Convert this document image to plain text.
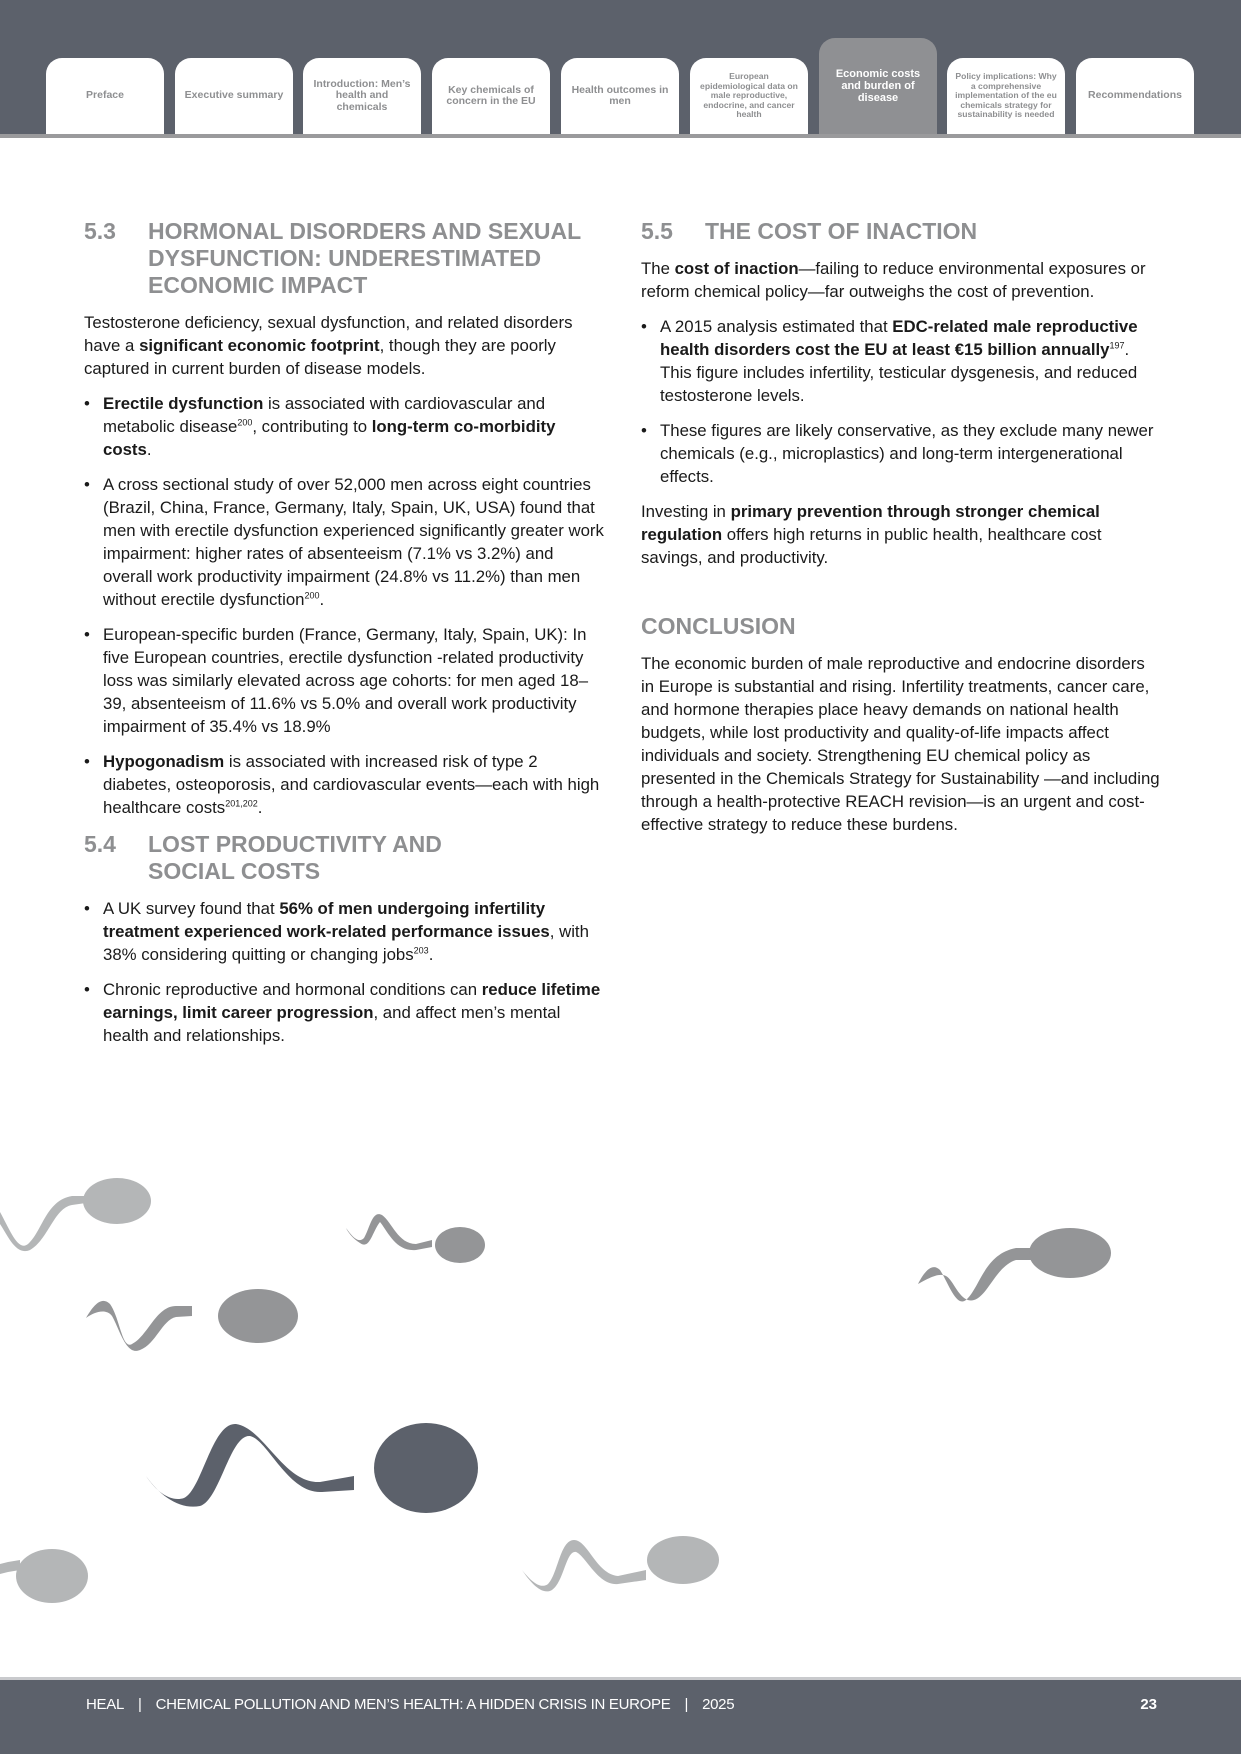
Preface	Executive summary
Introduction: Men’s health and chemicals
Key chemicals of concern in the EU
Health outcomes in men
European epidemiological data on male reproductive, endocrine, and cancer health
Economic costs and burden of disease
Policy implications: Why a comprehensive implementation of the eu chemicals strategy for sustainability is needed
Recommendations
5.3	HORMONAL DISORDERS AND SEXUAL DYSFUNCTION: UNDERESTIMATED ECONOMIC IMPACT

Testosterone deficiency, sexual dysfunction, and related disorders have a significant economic footprint, though they are poorly captured in current burden of disease models.

• Erectile dysfunction is associated with cardiovascular and metabolic disease$^{200}$, contributing to long-term co-morbidity costs.
• A cross sectional study of over 52,000 men across eight countries (Brazil, China, France, Germany, Italy, Spain, UK, USA) found that men with erectile dysfunction experienced significantly greater work impairment: higher rates of absenteeism (7.1% vs 3.2%) and overall work productivity impairment (24.8% vs 11.2%) than men without erectile dysfunction$^{200}$.
• European-specific burden (France, Germany, Italy, Spain, UK): In five European countries, erectile dysfunction -related productivity loss was similarly elevated across age cohorts: for men aged 18–39, absenteeism of 11.6% vs 5.0% and overall work productivity impairment of 35.4% vs 18.9%
• Hypogonadism is associated with increased risk of type 2 diabetes, osteoporosis, and cardiovascular events—each with high healthcare costs$^{201,202}$.
5.4	LOST PRODUCTIVITY AND SOCIAL COSTS
• A UK survey found that 56% of men undergoing infertility treatment experienced work-related performance issues, with 38% considering quitting or changing jobs$^{203}$.
• Chronic reproductive and hormonal conditions can reduce lifetime earnings, limit career progression, and affect men’s mental health and relationships.
5.5	THE COST OF INACTION

The cost of inaction—failing to reduce environmental exposures or reform chemical policy—far outweighs the cost of prevention.

• A 2015 analysis estimated that EDC-related male reproductive health disorders cost the EU at least €15 billion annually$^{197}$. This figure includes infertility, testicular dysgenesis, and reduced testosterone levels.
• These figures are likely conservative, as they exclude many newer chemicals (e.g., microplastics) and long-term intergenerational effects.

Investing in primary prevention through stronger chemical regulation offers high returns in public health, healthcare cost savings, and productivity.

CONCLUSION

The economic burden of male reproductive and endocrine disorders in Europe is substantial and rising. Infertility treatments, cancer care, and hormone therapies place heavy demands on national health budgets, while lost productivity and quality-of-life impacts affect individuals and society. Strengthening EU chemical policy as presented in the Chemicals Strategy for Sustainability —and including through a health-protective REACH revision—is an urgent and cost-effective strategy to reduce these burdens.

HEAL | CHEMICAL POLLUTION AND MEN’S HEALTH: A HIDDEN CRISIS IN EUROPE | 2025	23
